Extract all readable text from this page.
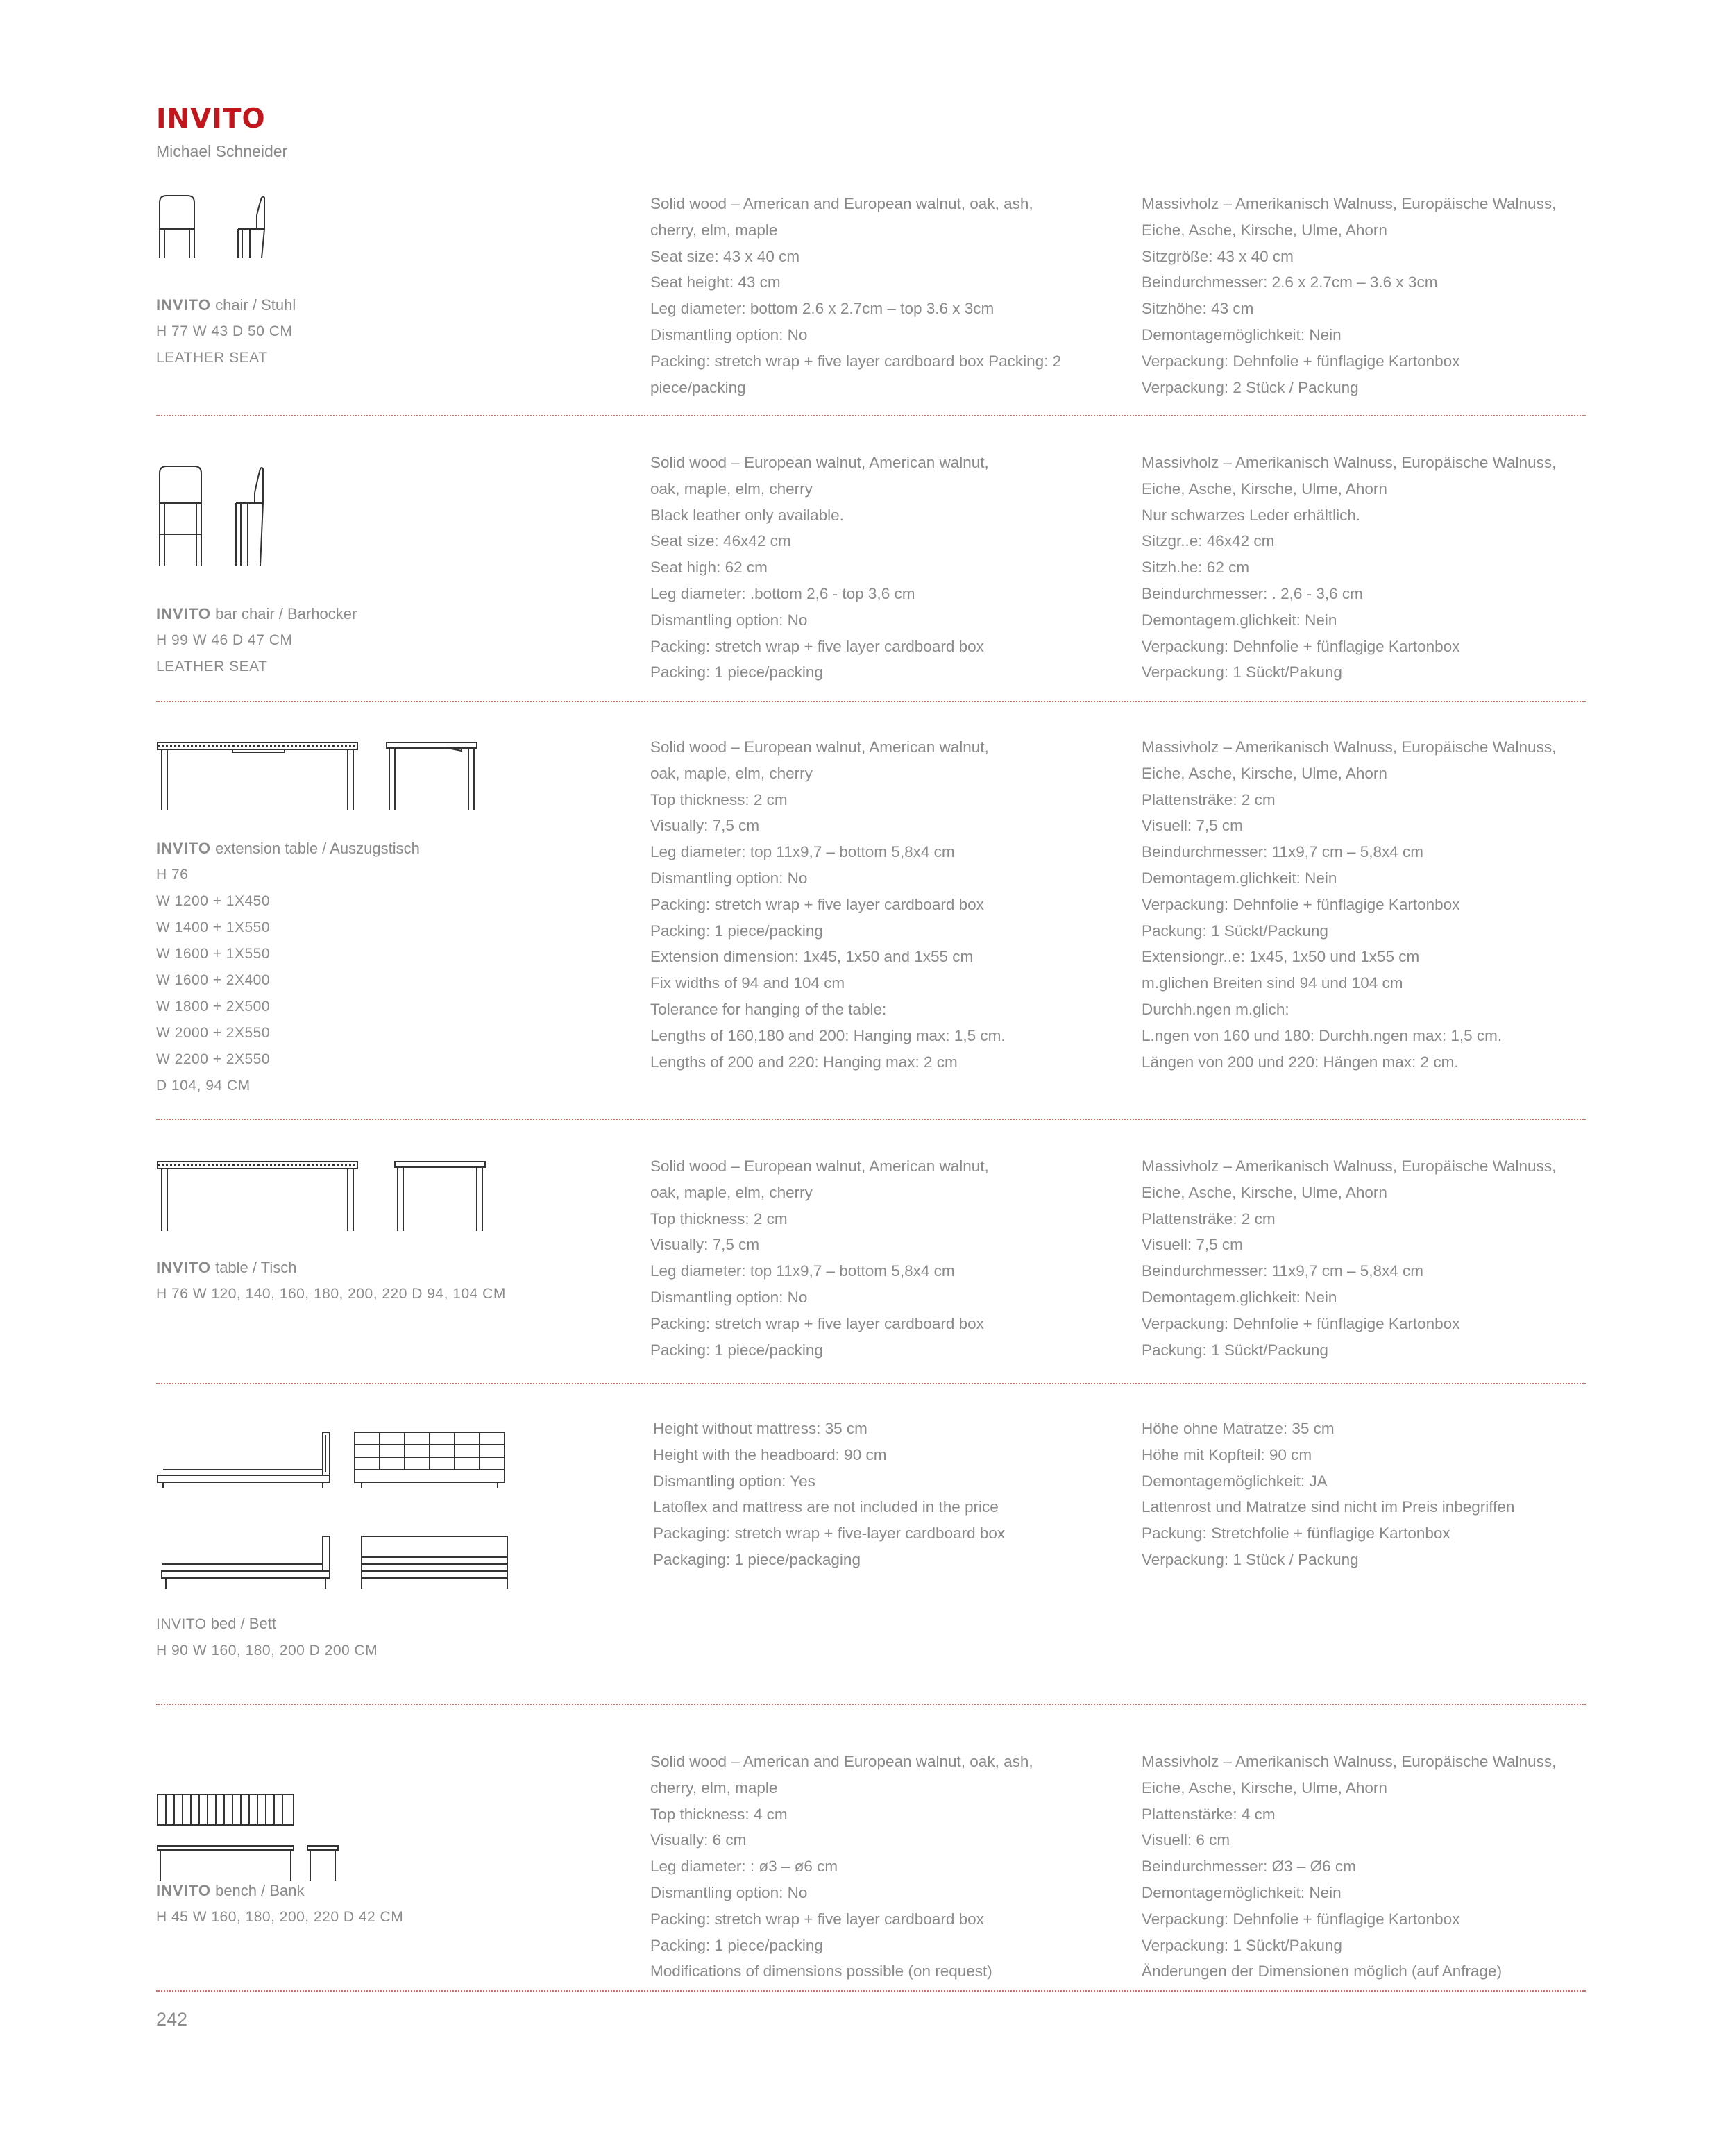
INVITO
Michael Schneider
INVITO chair / Stuhl
H 77 W 43 D 50 CM
LEATHER SEAT
Solid wood – American and European walnut, oak, ash,
cherry, elm, maple
Seat size: 43 x 40 cm
Seat height: 43 cm
Leg diameter: bottom 2.6 x 2.7cm – top 3.6 x 3cm
Dismantling option: No
Packing: stretch wrap + five layer cardboard box Packing: 2
piece/packing
Massivholz – Amerikanisch Walnuss, Europäische Walnuss,
Eiche, Asche, Kirsche, Ulme, Ahorn
Sitzgröße: 43 x 40 cm
Beindurchmesser: 2.6 x 2.7cm – 3.6 x 3cm
Sitzhöhe: 43 cm
Demontagemöglichkeit: Nein
Verpackung: Dehnfolie + fünflagige Kartonbox
Verpackung: 2 Stück / Packung
INVITO bar chair / Barhocker
H 99 W 46 D 47 CM
LEATHER SEAT
Solid wood – European walnut, American walnut,
oak, maple, elm, cherry
Black leather only available.
Seat size: 46x42 cm
Seat high: 62 cm
Leg diameter: .bottom 2,6 - top 3,6 cm
Dismantling option: No
Packing: stretch wrap + five layer cardboard box
Packing: 1 piece/packing
Massivholz – Amerikanisch Walnuss, Europäische Walnuss,
Eiche, Asche, Kirsche, Ulme, Ahorn
Nur schwarzes Leder erhältlich.
Sitzgr..e: 46x42 cm
Sitzh.he: 62 cm
Beindurchmesser: . 2,6 - 3,6 cm
Demontagem.glichkeit: Nein
Verpackung: Dehnfolie + fünflagige Kartonbox
Verpackung: 1 Sückt/Pakung
INVITO extension table / Auszugstisch
H 76
W 1200 + 1X450
W 1400 + 1X550
W 1600 + 1X550
W 1600 + 2X400
W 1800 + 2X500
W 2000 + 2X550
W 2200 + 2X550
D 104, 94 CM
Solid wood – European walnut, American walnut,
oak, maple, elm, cherry
Top thickness: 2 cm
Visually: 7,5 cm
Leg diameter: top 11x9,7 – bottom 5,8x4 cm
Dismantling option: No
Packing: stretch wrap + five layer cardboard box
Packing: 1 piece/packing
Extension dimension: 1x45, 1x50 and 1x55 cm
Fix widths of 94 and 104 cm
Tolerance for hanging of the table:
Lengths of 160,180 and 200: Hanging max: 1,5 cm.
Lengths of 200 and 220: Hanging max: 2 cm
Massivholz – Amerikanisch Walnuss, Europäische Walnuss,
Eiche, Asche, Kirsche, Ulme, Ahorn
Plattensträke: 2 cm
Visuell: 7,5 cm
Beindurchmesser: 11x9,7 cm – 5,8x4 cm
Demontagem.glichkeit: Nein
Verpackung: Dehnfolie + fünflagige Kartonbox
Packung: 1 Sückt/Packung
Extensiongr..e: 1x45, 1x50 und 1x55 cm
m.glichen Breiten sind 94 und 104 cm
Durchh.ngen m.glich:
L.ngen von 160 und 180: Durchh.ngen max: 1,5 cm.
Längen von 200 und 220: Hängen max: 2 cm.
INVITO table / Tisch
H 76 W 120, 140, 160, 180, 200, 220 D 94, 104 CM
Solid wood – European walnut, American walnut,
oak, maple, elm, cherry
Top thickness: 2 cm
Visually: 7,5 cm
Leg diameter: top 11x9,7 – bottom 5,8x4 cm
Dismantling option: No
Packing: stretch wrap + five layer cardboard box
Packing: 1 piece/packing
Massivholz – Amerikanisch Walnuss, Europäische Walnuss,
Eiche, Asche, Kirsche, Ulme, Ahorn
Plattensträke: 2 cm
Visuell: 7,5 cm
Beindurchmesser: 11x9,7 cm – 5,8x4 cm
Demontagem.glichkeit: Nein
Verpackung: Dehnfolie + fünflagige Kartonbox
Packung: 1 Sückt/Packung
INVITO bed / Bett
H 90 W 160, 180, 200 D 200 CM
Height without mattress: 35 cm
Height with the headboard: 90 cm
Dismantling option: Yes
Latoflex and mattress are not included in the price
Packaging: stretch wrap + five-layer cardboard box
Packaging: 1 piece/packaging
Höhe ohne Matratze: 35 cm
Höhe mit Kopfteil: 90 cm
Demontagemöglichkeit: JA
Lattenrost und Matratze sind nicht im Preis inbegriffen
Packung: Stretchfolie + fünflagige Kartonbox
Verpackung: 1 Stück / Packung
INVITO bench / Bank
H 45 W 160, 180, 200, 220 D 42 CM
Solid wood – American and European walnut, oak, ash,
cherry, elm, maple
Top thickness: 4 cm
Visually: 6 cm
Leg diameter: : ø3 – ø6 cm
Dismantling option: No
Packing: stretch wrap + five layer cardboard box
Packing: 1 piece/packing
Modifications of dimensions possible (on request)
Massivholz – Amerikanisch Walnuss, Europäische Walnuss,
Eiche, Asche, Kirsche, Ulme, Ahorn
Plattenstärke: 4 cm
Visuell: 6 cm
Beindurchmesser: Ø3 – Ø6 cm
Demontagemöglichkeit: Nein
Verpackung: Dehnfolie + fünflagige Kartonbox
Verpackung: 1 Sückt/Pakung
Änderungen der Dimensionen möglich (auf Anfrage)
242
